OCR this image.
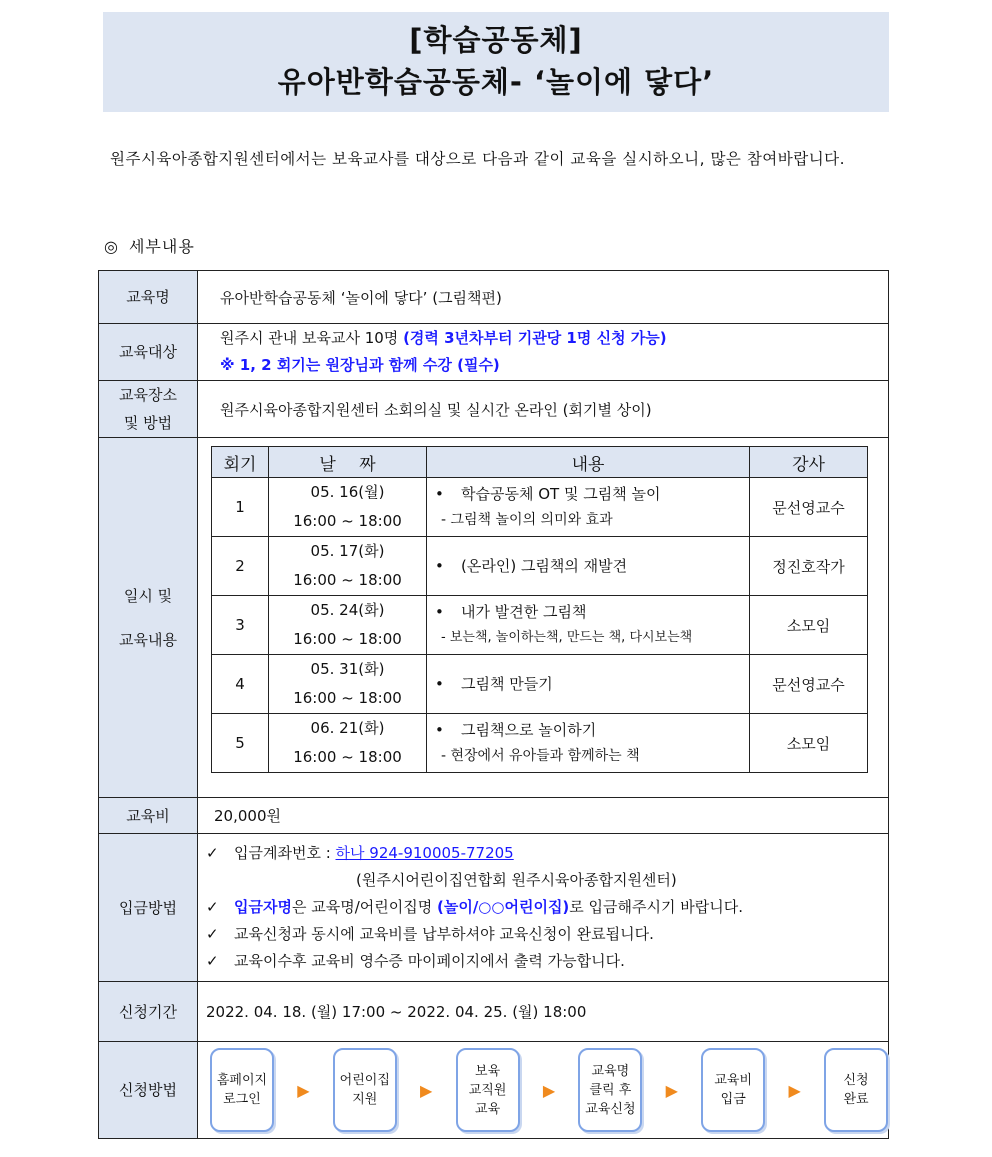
[학습공동체]
유아반학습공동체- ‘놀이에 닿다’
원주시육아종합지원센터에서는 보육교사를 대상으로 다음과 같이 교육을 실시하오니, 많은 참여바랍니다.
◎ 세부내용
교육명	유아반학습공동체 ‘놀이에 닿다’ (그림책편)
교육대상	원주시 관내 보육교사 10명 (경력 3년차부터 기관당 1명 신청 가능)
※ 1, 2 회기는 원장님과 함께 수강 (필수)
교육장소
및 방법	원주시육아종합지원센터 소회의실 및 실시간 온라인 (회기별 상이)
일시 및
교육내용	
회기	날 짜	내용	강사
1	05. 16(월)
16:00 ~ 18:00	• 학습공동체 OT 및 그림책 놀이
- 그림책 놀이의 의미와 효과
	문선영교수
2	05. 17(화)
16:00 ~ 18:00	• (온라인) 그림책의 재발견	정진호작가
3	05. 24(화)
16:00 ~ 18:00	• 내가 발견한 그림책
- 보는책, 놀이하는책, 만드는 책, 다시보는책
	소모임
4	05. 31(화)
16:00 ~ 18:00	• 그림책 만들기	문선영교수
5	06. 21(화)
16:00 ~ 18:00	• 그림책으로 놀이하기
- 현장에서 유아들과 함께하는 책
	소모임

교육비	20,000원
입금방법	
✓ 입금계좌번호 : 하나 924-910005-77205
(원주시어린이집연합회 원주시육아종합지원센터)
✓ 입금자명은 교육명/어린이집명 (놀이/○○어린이집)로 입금해주시기 바랍니다.
✓ 교육신청과 동시에 교육비를 납부하셔야 교육신청이 완료됩니다.
✓ 교육이수후 교육비 영수증 마이페이지에서 출력 가능합니다.

신청기간	2022. 04. 18. (월) 17:00 ~ 2022. 04. 25. (월) 18:00
신청방법	
홈페이지
로그인	▶	어린이집
지원	▶
보육
교직원
교육
▶
교육명
클릭 후
교육신청
▶	교육비
입금	▶	신청
완료
